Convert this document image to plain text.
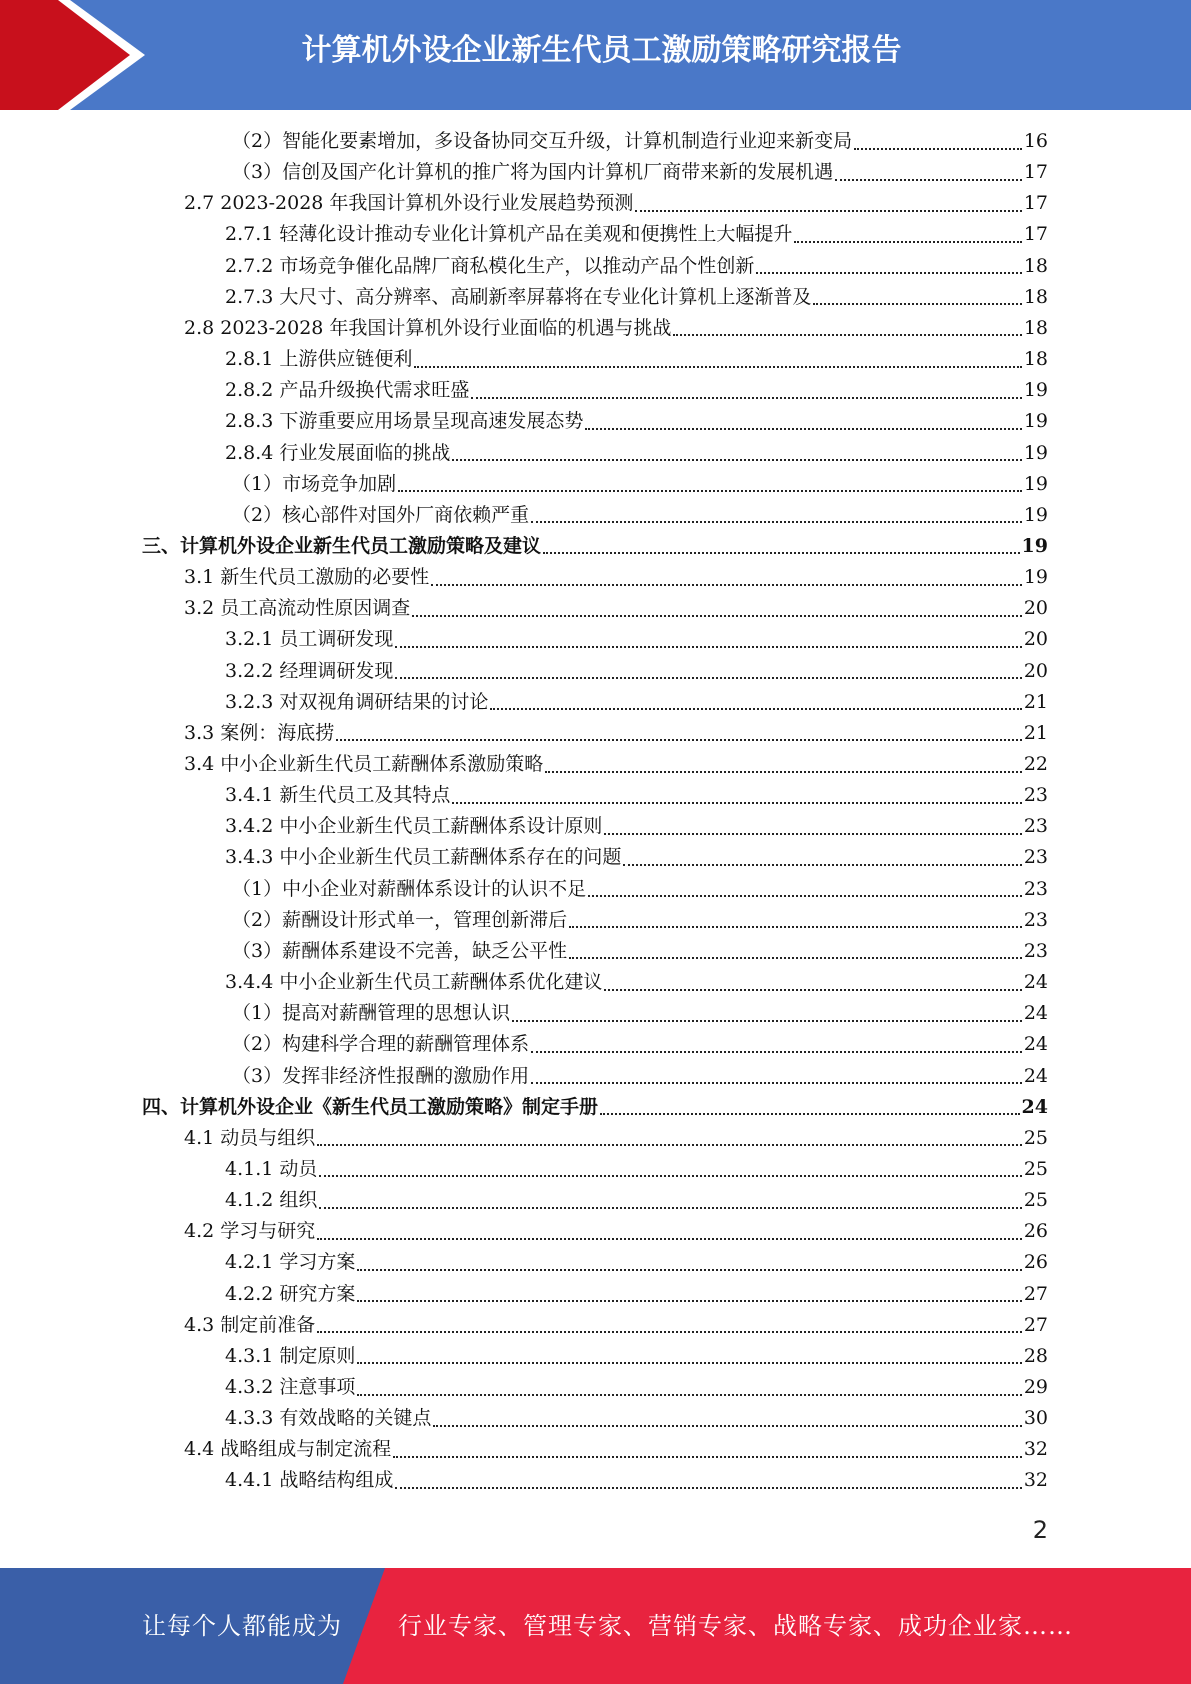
计算机外设企业新生代员工激励策略研究报告
（2）智能化要素增加，多设备协同交互升级，计算机制造行业迎来新变局	16
（3）信创及国产化计算机的推广将为国内计算机厂商带来新的发展机遇	17
2.7 2023-2028 年我国计算机外设行业发展趋势预测	17
2.7.1 轻薄化设计推动专业化计算机产品在美观和便携性上大幅提升	17
2.7.2 市场竞争催化品牌厂商私模化生产，以推动产品个性创新	18
2.7.3 大尺寸、高分辨率、高刷新率屏幕将在专业化计算机上逐渐普及	18
2.8 2023-2028 年我国计算机外设行业面临的机遇与挑战	18
2.8.1 上游供应链便利	18
2.8.2 产品升级换代需求旺盛	19
2.8.3 下游重要应用场景呈现高速发展态势	19
2.8.4 行业发展面临的挑战	19
（1）市场竞争加剧	19
（2）核心部件对国外厂商依赖严重	19
三、计算机外设企业新生代员工激励策略及建议	19
3.1 新生代员工激励的必要性	19
3.2 员工高流动性原因调查	20
3.2.1 员工调研发现	20
3.2.2 经理调研发现	20
3.2.3 对双视角调研结果的讨论	21
3.3 案例：海底捞	21
3.4 中小企业新生代员工薪酬体系激励策略	22
3.4.1 新生代员工及其特点	23
3.4.2 中小企业新生代员工薪酬体系设计原则	23
3.4.3 中小企业新生代员工薪酬体系存在的问题	23
（1）中小企业对薪酬体系设计的认识不足	23
（2）薪酬设计形式单一，管理创新滞后	23
（3）薪酬体系建设不完善，缺乏公平性	23
3.4.4 中小企业新生代员工薪酬体系优化建议	24
（1）提高对薪酬管理的思想认识	24
（2）构建科学合理的薪酬管理体系	24
（3）发挥非经济性报酬的激励作用	24
四、计算机外设企业《新生代员工激励策略》制定手册	24
4.1 动员与组织	25
4.1.1 动员	25
4.1.2 组织	25
4.2 学习与研究	26
4.2.1 学习方案	26
4.2.2 研究方案	27
4.3 制定前准备	27
4.3.1 制定原则	28
4.3.2 注意事项	29
4.3.3 有效战略的关键点	30
4.4 战略组成与制定流程	32
4.4.1 战略结构组成	32
2
让每个人都能成为 行业专家、管理专家、营销专家、战略专家、成功企业家……
